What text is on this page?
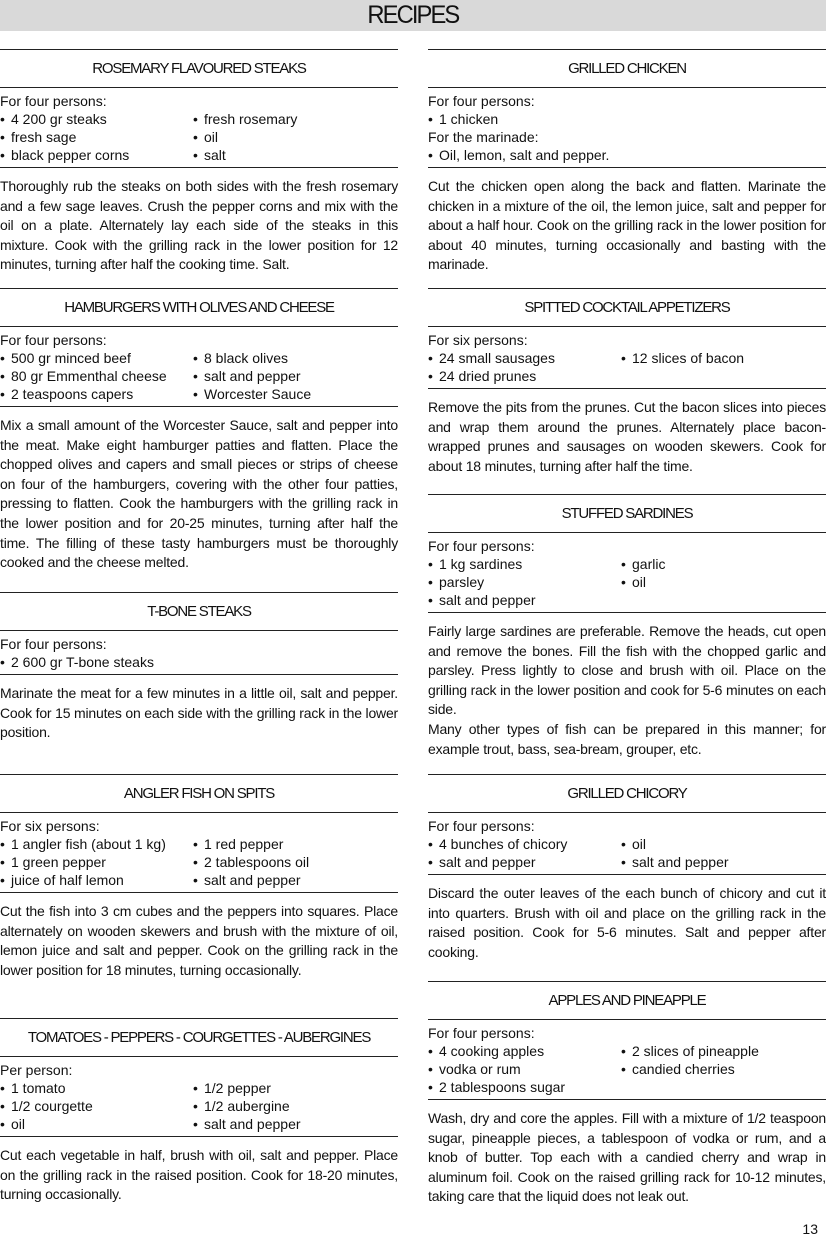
RECIPES
ROSEMARY FLAVOURED STEAKS
For four persons:
• 4 200 gr steaks	• fresh rosemary
• fresh sage	• oil
• black pepper corns	• salt

Thoroughly rub the steaks on both sides with the fresh rosemary and a few sage leaves. Crush the pepper corns and mix with the oil on a plate. Alternately lay each side of the steaks in this mixture. Cook with the grilling rack in the lower position for 12 minutes, turning after half the cooking time. Salt.

HAMBURGERS WITH OLIVES AND CHEESE
For four persons:
• 500 gr minced beef	• 8 black olives
• 80 gr Emmenthal cheese	• salt and pepper
• 2 teaspoons capers	• Worcester Sauce

Mix a small amount of the Worcester Sauce, salt and pepper into the meat. Make eight hamburger patties and flatten. Place the chopped olives and capers and small pieces or strips of cheese on four of the hamburgers, covering with the other four patties, pressing to flatten. Cook the hamburgers with the grilling rack in the lower position and for 20-25 minutes, turning after half the time. The filling of these tasty hamburgers must be thoroughly cooked and the cheese melted.

T-BONE STEAKS
For four persons:
• 2 600 gr T-bone steaks

Marinate the meat for a few minutes in a little oil, salt and pepper. Cook for 15 minutes on each side with the grilling rack in the lower position.

ANGLER FISH ON SPITS
For six persons:
• 1 angler fish (about 1 kg)	• 1 red pepper
• 1 green pepper	• 2 tablespoons oil
• juice of half lemon	• salt and pepper

Cut the fish into 3 cm cubes and the peppers into squares. Place alternately on wooden skewers and brush with the mixture of oil, lemon juice and salt and pepper. Cook on the grilling rack in the lower position for 18 minutes, turning occasionally.

TOMATOES - PEPPERS - COURGETTES - AUBERGINES
Per person:
• 1 tomato	• 1/2 pepper
• 1/2 courgette	• 1/2 aubergine
• oil	• salt and pepper

Cut each vegetable in half, brush with oil, salt and pepper. Place on the grilling rack in the raised position. Cook for 18-20 minutes, turning occasionally.

GRILLED CHICKEN
For four persons:
• 1 chicken
For the marinade:
• Oil, lemon, salt and pepper.

Cut the chicken open along the back and flatten. Marinate the chicken in a mixture of the oil, the lemon juice, salt and pepper for about a half hour. Cook on the grilling rack in the lower position for about 40 minutes, turning occasionally and basting with the marinade.

SPITTED COCKTAIL APPETIZERS
For six persons:
• 24 small sausages	• 12 slices of bacon
• 24 dried prunes

Remove the pits from the prunes. Cut the bacon slices into pieces and wrap them around the prunes. Alternately place bacon-wrapped prunes and sausages on wooden skewers. Cook for about 18 minutes, turning after half the time.

STUFFED SARDINES
For four persons:
• 1 kg sardines	• garlic
• parsley	• oil
• salt and pepper

Fairly large sardines are preferable. Remove the heads, cut open and remove the bones. Fill the fish with the chopped garlic and parsley. Press lightly to close and brush with oil. Place on the grilling rack in the lower position and cook for 5-6 minutes on each side.

Many other types of fish can be prepared in this manner; for example trout, bass, sea-bream, grouper, etc.

GRILLED CHICORY
For four persons:
• 4 bunches of chicory	• oil
• salt and pepper	• salt and pepper

Discard the outer leaves of the each bunch of chicory and cut it into quarters. Brush with oil and place on the grilling rack in the raised position. Cook for 5-6 minutes. Salt and pepper after cooking.

APPLES AND PINEAPPLE
For four persons:
• 4 cooking apples	• 2 slices of pineapple
• vodka or rum	• candied cherries
• 2 tablespoons sugar

Wash, dry and core the apples. Fill with a mixture of 1/2 teaspoon sugar, pineapple pieces, a tablespoon of vodka or rum, and a knob of butter. Top each with a candied cherry and wrap in aluminum foil. Cook on the raised grilling rack for 10-12 minutes, taking care that the liquid does not leak out.

13
